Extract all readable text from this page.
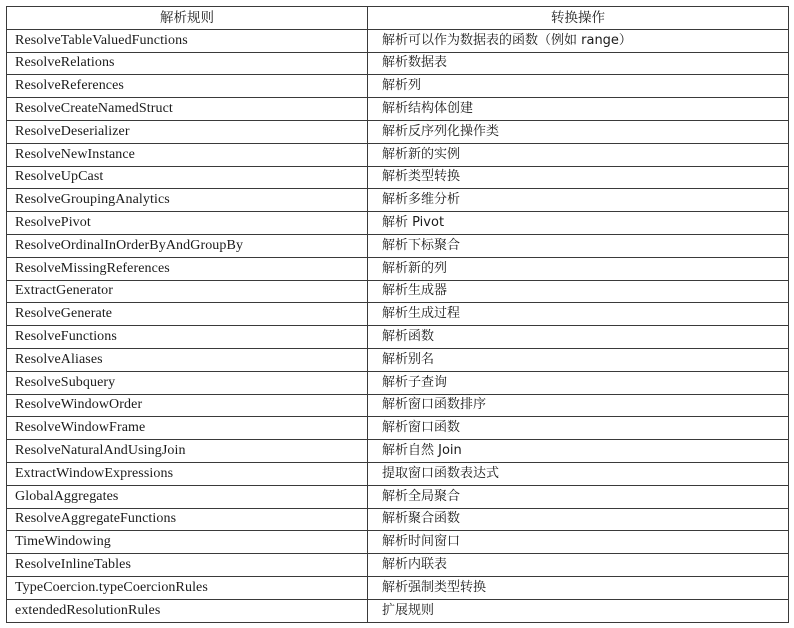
解析规则	转换操作
ResolveTableValuedFunctions	解析可以作为数据表的函数（例如 range）
ResolveRelations	解析数据表
ResolveReferences	解析列
ResolveCreateNamedStruct	解析结构体创建
ResolveDeserializer	解析反序列化操作类
ResolveNewInstance	解析新的实例
ResolveUpCast	解析类型转换
ResolveGroupingAnalytics	解析多维分析
ResolvePivot	解析 Pivot
ResolveOrdinalInOrderByAndGroupBy	解析下标聚合
ResolveMissingReferences	解析新的列
ExtractGenerator	解析生成器
ResolveGenerate	解析生成过程
ResolveFunctions	解析函数
ResolveAliases	解析别名
ResolveSubquery	解析子查询
ResolveWindowOrder	解析窗口函数排序
ResolveWindowFrame	解析窗口函数
ResolveNaturalAndUsingJoin	解析自然 Join
ExtractWindowExpressions	提取窗口函数表达式
GlobalAggregates	解析全局聚合
ResolveAggregateFunctions	解析聚合函数
TimeWindowing	解析时间窗口
ResolveInlineTables	解析内联表
TypeCoercion.typeCoercionRules	解析强制类型转换
extendedResolutionRules	扩展规则
